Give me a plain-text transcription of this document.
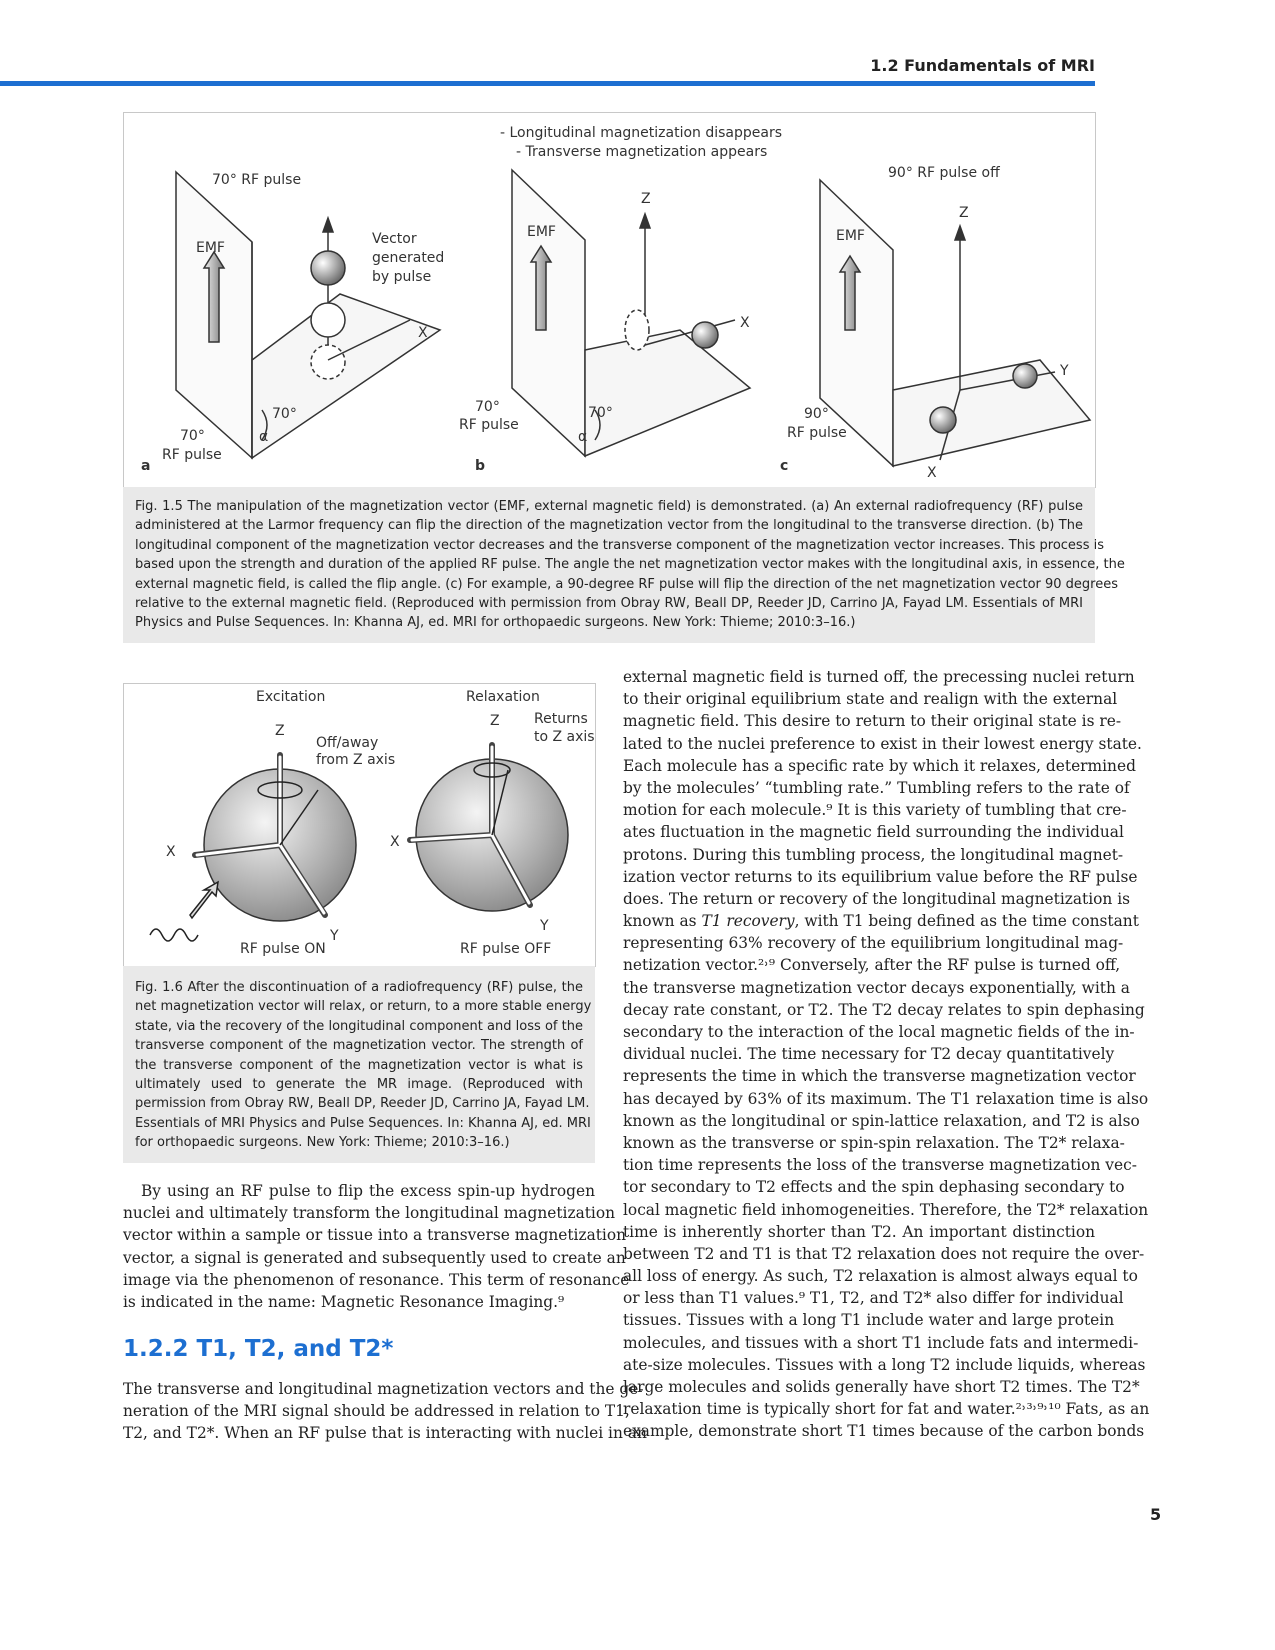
1.2 Fundamentals of MRI
- Longitudinal magnetization disappears
- Transverse magnetization appears
70° RF pulse
EMF
Vector
generated
by pulse
X
70°
α
70°
RF pulse
a
Z
EMF
X
70°
RF pulse
70°
α
b
90° RF pulse off
Z
EMF
Y
90°
RF pulse
c	X
Fig. 1.5 The manipulation of the magnetization vector (EMF, external magnetic field) is demonstrated. (a) An external radiofrequency (RF) pulse
administered at the Larmor frequency can flip the direction of the magnetization vector from the longitudinal to the transverse direction. (b) The
longitudinal component of the magnetization vector decreases and the transverse component of the magnetization vector increases. This process is
based upon the strength and duration of the applied RF pulse. The angle the net magnetization vector makes with the longitudinal axis, in essence, the
external magnetic field, is called the flip angle. (c) For example, a 90-degree RF pulse will flip the direction of the net magnetization vector 90 degrees
relative to the external magnetic field. (Reproduced with permission from Obray RW, Beall DP, Reeder JD, Carrino JA, Fayad LM. Essentials of MRI
Physics and Pulse Sequences. In: Khanna AJ, ed. MRI for orthopaedic surgeons. New York: Thieme; 2010:3–16.)
Excitation	Relaxation
Z
Off/away
from Z axis
X
Y
RF pulse ON
Z Returns
to Z axis
X
Y
RF pulse OFF
Fig. 1.6 After the discontinuation of a radiofrequency (RF) pulse, the
net magnetization vector will relax, or return, to a more stable energy
state, via the recovery of the longitudinal component and loss of the
transverse component of the magnetization vector. The strength of
the transverse component of the magnetization vector is what is
ultimately used to generate the MR image. (Reproduced with
permission from Obray RW, Beall DP, Reeder JD, Carrino JA, Fayad LM.
Essentials of MRI Physics and Pulse Sequences. In: Khanna AJ, ed. MRI
for orthopaedic surgeons. New York: Thieme; 2010:3–16.)
By using an RF pulse to flip the excess spin-up hydrogen
nuclei and ultimately transform the longitudinal magnetization
vector within a sample or tissue into a transverse magnetization
vector, a signal is generated and subsequently used to create an
image via the phenomenon of resonance. This term of resonance
is indicated in the name: Magnetic Resonance Imaging.⁹
1.2.2 T1, T2, and T2*
The transverse and longitudinal magnetization vectors and the ge-
neration of the MRI signal should be addressed in relation to T1,
T2, and T2*. When an RF pulse that is interacting with nuclei in an
external magnetic field is turned off, the precessing nuclei return
to their original equilibrium state and realign with the external
magnetic field. This desire to return to their original state is re-
lated to the nuclei preference to exist in their lowest energy state.
Each molecule has a specific rate by which it relaxes, determined
by the molecules’ “tumbling rate.” Tumbling refers to the rate of
motion for each molecule.⁹ It is this variety of tumbling that cre-
ates fluctuation in the magnetic field surrounding the individual
protons. During this tumbling process, the longitudinal magnet-
ization vector returns to its equilibrium value before the RF pulse
does. The return or recovery of the longitudinal magnetization is
known as T1 recovery, with T1 being defined as the time constant
representing 63% recovery of the equilibrium longitudinal mag-
netization vector.²˒⁹ Conversely, after the RF pulse is turned off,
the transverse magnetization vector decays exponentially, with a
decay rate constant, or T2. The T2 decay relates to spin dephasing
secondary to the interaction of the local magnetic fields of the in-
dividual nuclei. The time necessary for T2 decay quantitatively
represents the time in which the transverse magnetization vector
has decayed by 63% of its maximum. The T1 relaxation time is also
known as the longitudinal or spin-lattice relaxation, and T2 is also
known as the transverse or spin-spin relaxation. The T2* relaxa-
tion time represents the loss of the transverse magnetization vec-
tor secondary to T2 effects and the spin dephasing secondary to
local magnetic field inhomogeneities. Therefore, the T2* relaxation
time is inherently shorter than T2. An important distinction
between T2 and T1 is that T2 relaxation does not require the over-
all loss of energy. As such, T2 relaxation is almost always equal to
or less than T1 values.⁹ T1, T2, and T2* also differ for individual
tissues. Tissues with a long T1 include water and large protein
molecules, and tissues with a short T1 include fats and intermedi-
ate-size molecules. Tissues with a long T2 include liquids, whereas
large molecules and solids generally have short T2 times. The T2*
relaxation time is typically short for fat and water.²˒³˒⁹˒¹⁰ Fats, as an
example, demonstrate short T1 times because of the carbon bonds
5
